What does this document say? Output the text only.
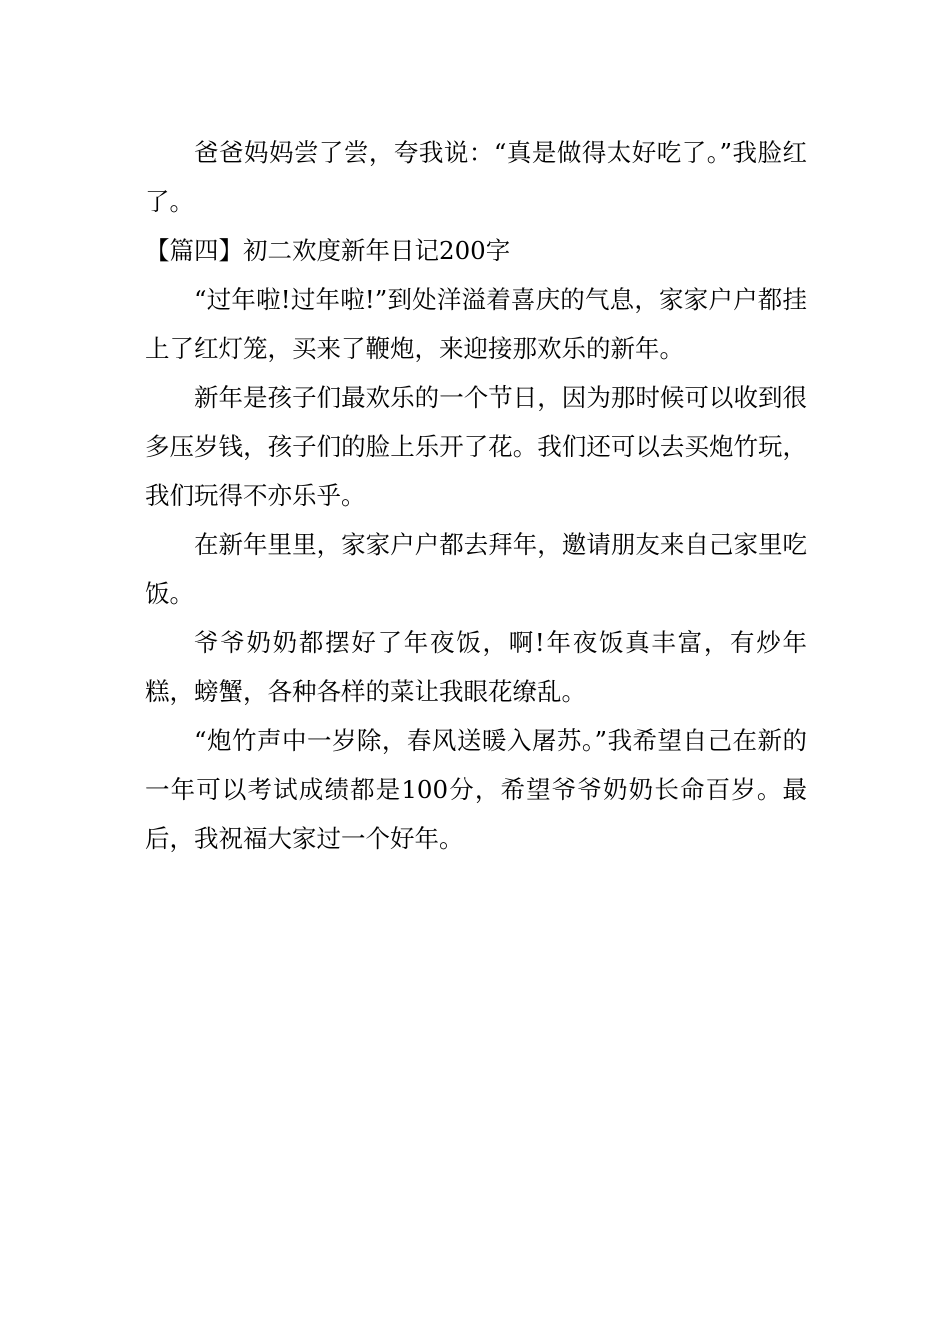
爸爸妈妈尝了尝，夸我说：“真是做得太好吃了。”我脸红了。

【篇四】初二欢度新年日记200字

“过年啦!过年啦!”到处洋溢着喜庆的气息，家家户户都挂上了红灯笼，买来了鞭炮，来迎接那欢乐的新年。

新年是孩子们最欢乐的一个节日，因为那时候可以收到很多压岁钱，孩子们的脸上乐开了花。我们还可以去买炮竹玩，我们玩得不亦乐乎。

在新年里里，家家户户都去拜年，邀请朋友来自己家里吃饭。

爷爷奶奶都摆好了年夜饭，啊!年夜饭真丰富，有炒年糕，螃蟹，各种各样的菜让我眼花缭乱。

“炮竹声中一岁除，春风送暖入屠苏。”我希望自己在新的一年可以考试成绩都是100分，希望爷爷奶奶长命百岁。最后，我祝福大家过一个好年。
